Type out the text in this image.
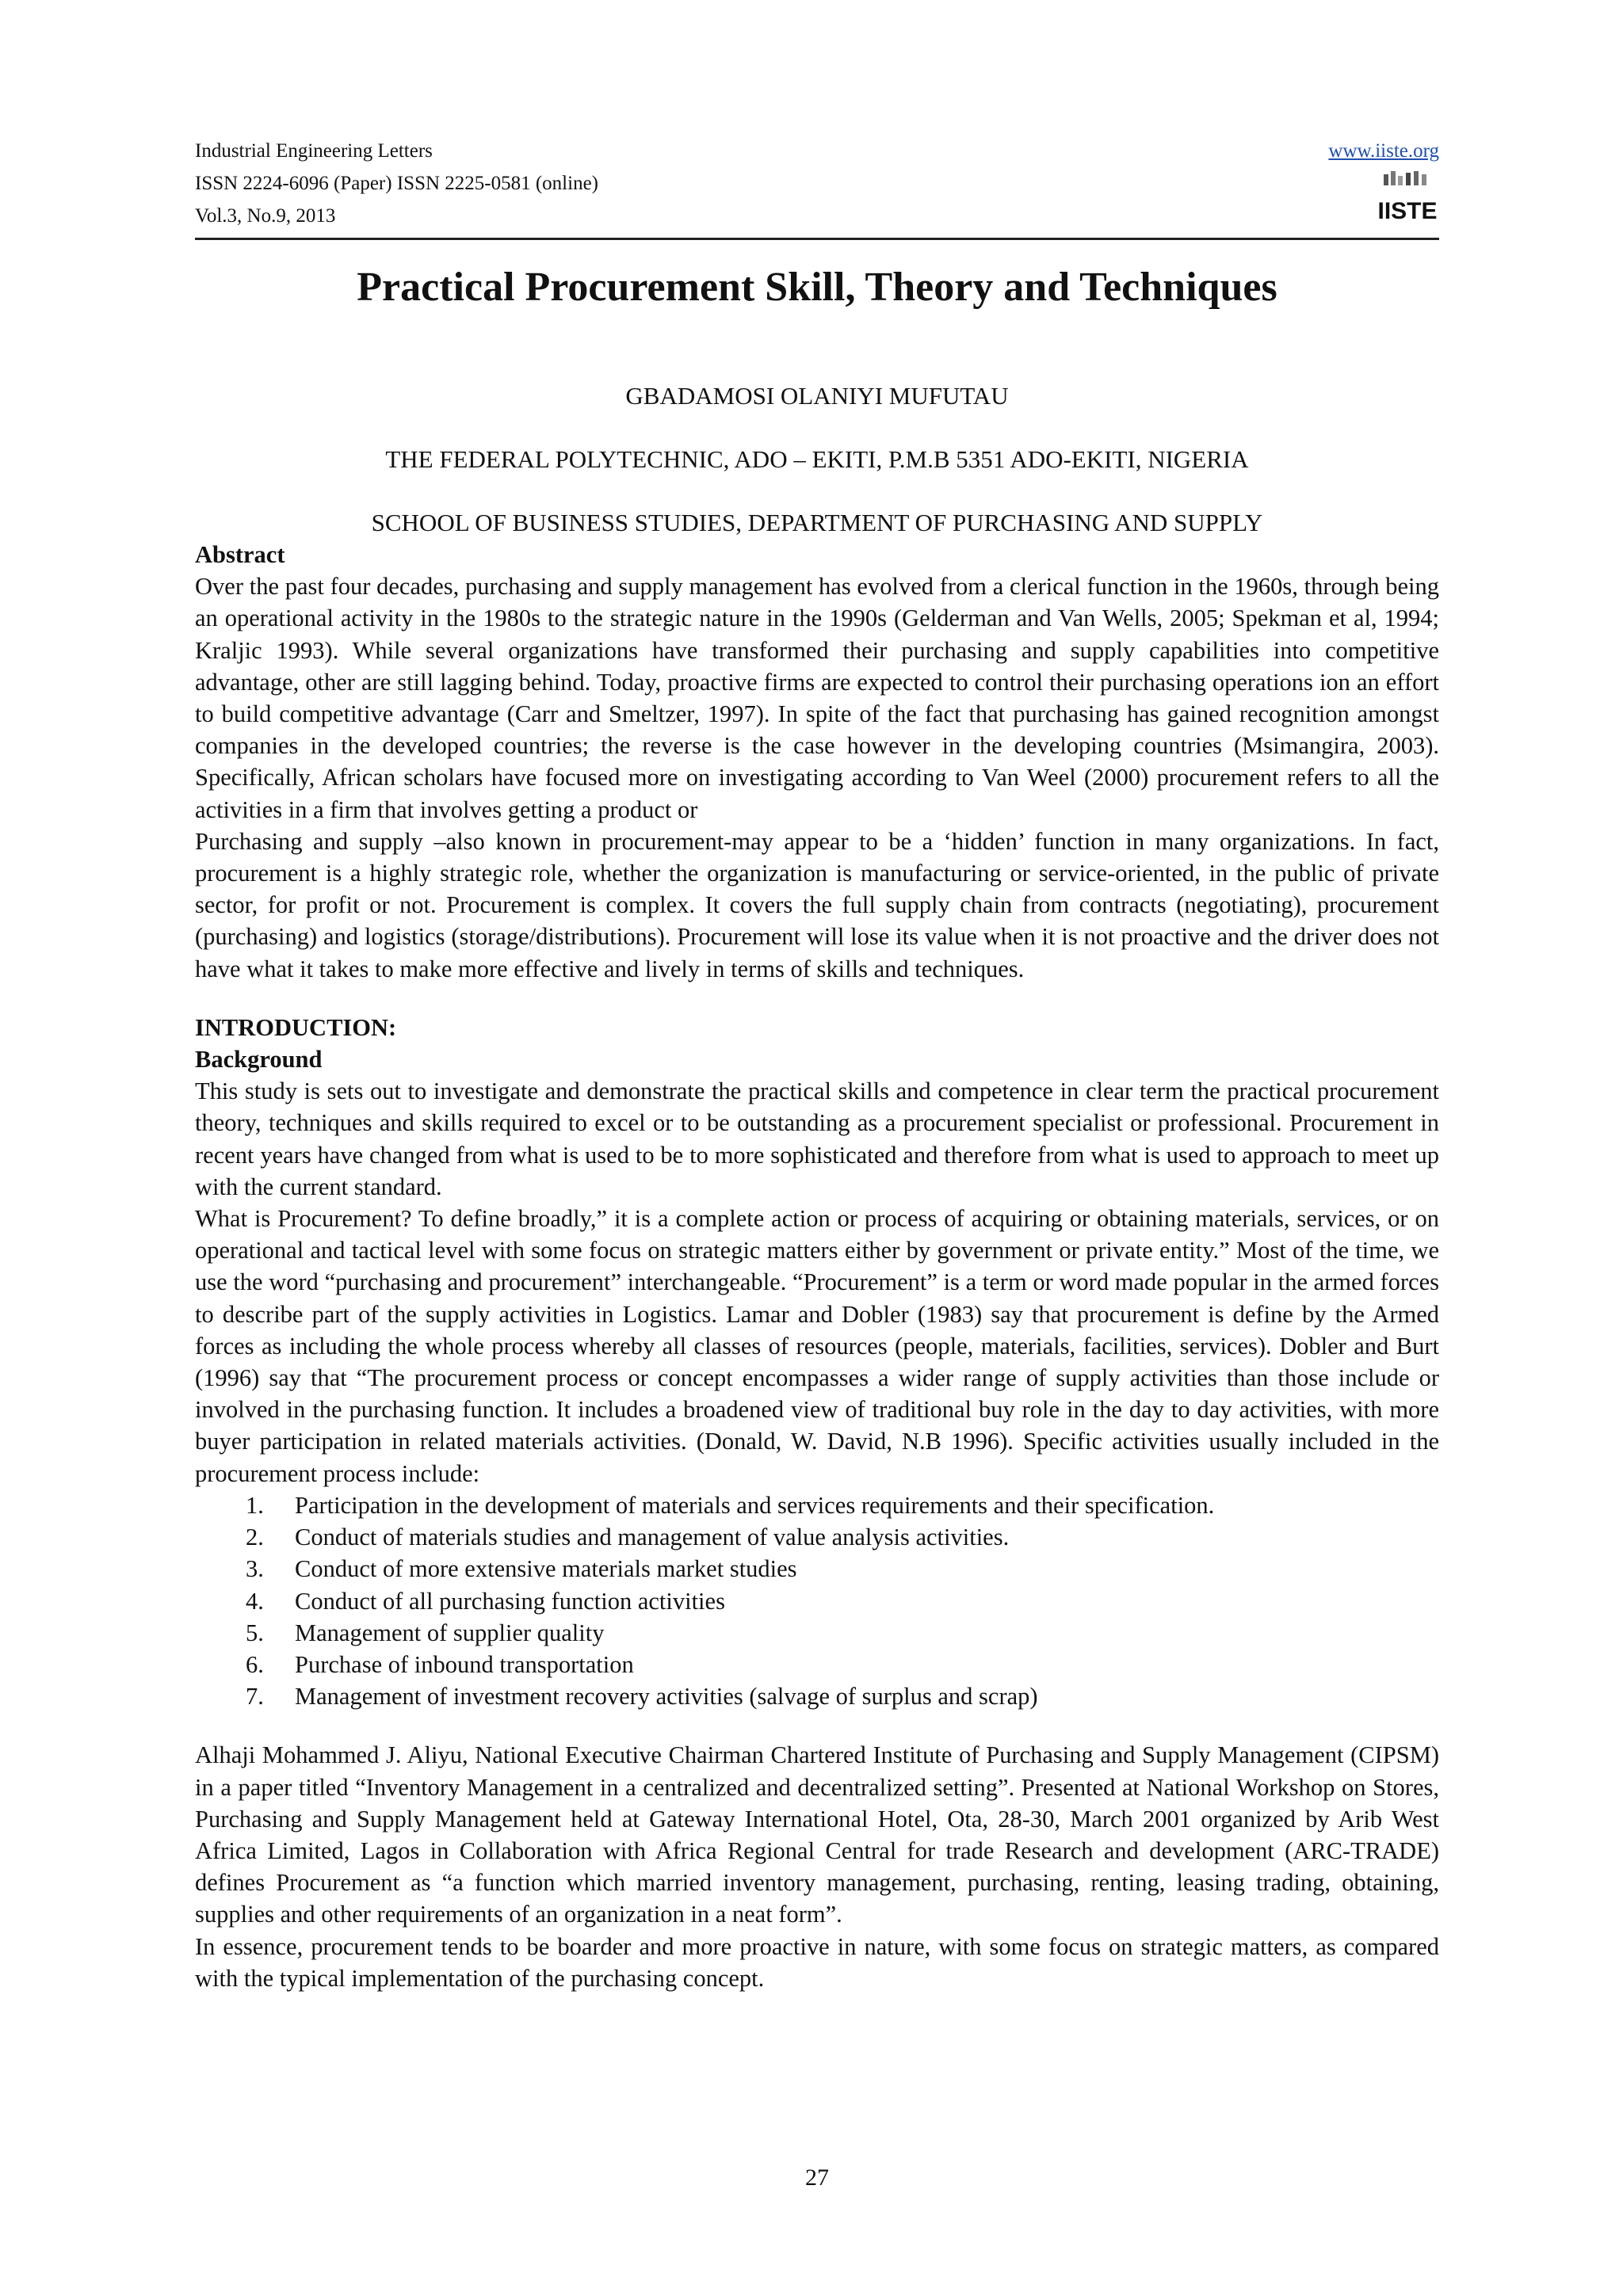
Industrial Engineering Letters
ISSN 2224-6096 (Paper) ISSN 2225-0581 (online)
Vol.3, No.9, 2013
www.iiste.org
IISTE
Practical Procurement Skill, Theory and Techniques
GBADAMOSI OLANIYI MUFUTAU
THE FEDERAL POLYTECHNIC, ADO – EKITI, P.M.B 5351 ADO-EKITI, NIGERIA
SCHOOL OF BUSINESS STUDIES, DEPARTMENT OF PURCHASING AND SUPPLY
Abstract

Over the past four decades, purchasing and supply management has evolved from a clerical function in the 1960s, through being an operational activity in the 1980s to the strategic nature in the 1990s (Gelderman and Van Wells, 2005; Spekman et al, 1994; Kraljic 1993). While several organizations have transformed their purchasing and supply capabilities into competitive advantage, other are still lagging behind. Today, proactive firms are expected to control their purchasing operations ion an effort to build competitive advantage (Carr and Smeltzer, 1997). In spite of the fact that purchasing has gained recognition amongst companies in the developed countries; the reverse is the case however in the developing countries (Msimangira, 2003). Specifically, African scholars have focused more on investigating according to Van Weel (2000) procurement refers to all the activities in a firm that involves getting a product or

Purchasing and supply –also known in procurement-may appear to be a ‘hidden’ function in many organizations. In fact, procurement is a highly strategic role, whether the organization is manufacturing or service-oriented, in the public of private sector, for profit or not. Procurement is complex. It covers the full supply chain from contracts (negotiating), procurement (purchasing) and logistics (storage/distributions). Procurement will lose its value when it is not proactive and the driver does not have what it takes to make more effective and lively in terms of skills and techniques.

INTRODUCTION:
Background

This study is sets out to investigate and demonstrate the practical skills and competence in clear term the practical procurement theory, techniques and skills required to excel or to be outstanding as a procurement specialist or professional. Procurement in recent years have changed from what is used to be to more sophisticated and therefore from what is used to approach to meet up with the current standard.

What is Procurement? To define broadly,” it is a complete action or process of acquiring or obtaining materials, services, or on operational and tactical level with some focus on strategic matters either by government or private entity.” Most of the time, we use the word “purchasing and procurement” interchangeable. “Procurement” is a term or word made popular in the armed forces to describe part of the supply activities in Logistics. Lamar and Dobler (1983) say that procurement is define by the Armed forces as including the whole process whereby all classes of resources (people, materials, facilities, services). Dobler and Burt (1996) say that “The procurement process or concept encompasses a wider range of supply activities than those include or involved in the purchasing function. It includes a broadened view of traditional buy role in the day to day activities, with more buyer participation in related materials activities. (Donald, W. David, N.B 1996). Specific activities usually included in the procurement process include:

1. Participation in the development of materials and services requirements and their specification.
2. Conduct of materials studies and management of value analysis activities.
3. Conduct of more extensive materials market studies
4. Conduct of all purchasing function activities
5. Management of supplier quality
6. Purchase of inbound transportation
7. Management of investment recovery activities (salvage of surplus and scrap)

Alhaji Mohammed J. Aliyu, National Executive Chairman Chartered Institute of Purchasing and Supply Management (CIPSM) in a paper titled “Inventory Management in a centralized and decentralized setting”. Presented at National Workshop on Stores, Purchasing and Supply Management held at Gateway International Hotel, Ota, 28-30, March 2001 organized by Arib West Africa Limited, Lagos in Collaboration with Africa Regional Central for trade Research and development (ARC-TRADE) defines Procurement as “a function which married inventory management, purchasing, renting, leasing trading, obtaining, supplies and other requirements of an organization in a neat form”.

In essence, procurement tends to be boarder and more proactive in nature, with some focus on strategic matters, as compared with the typical implementation of the purchasing concept.

27
